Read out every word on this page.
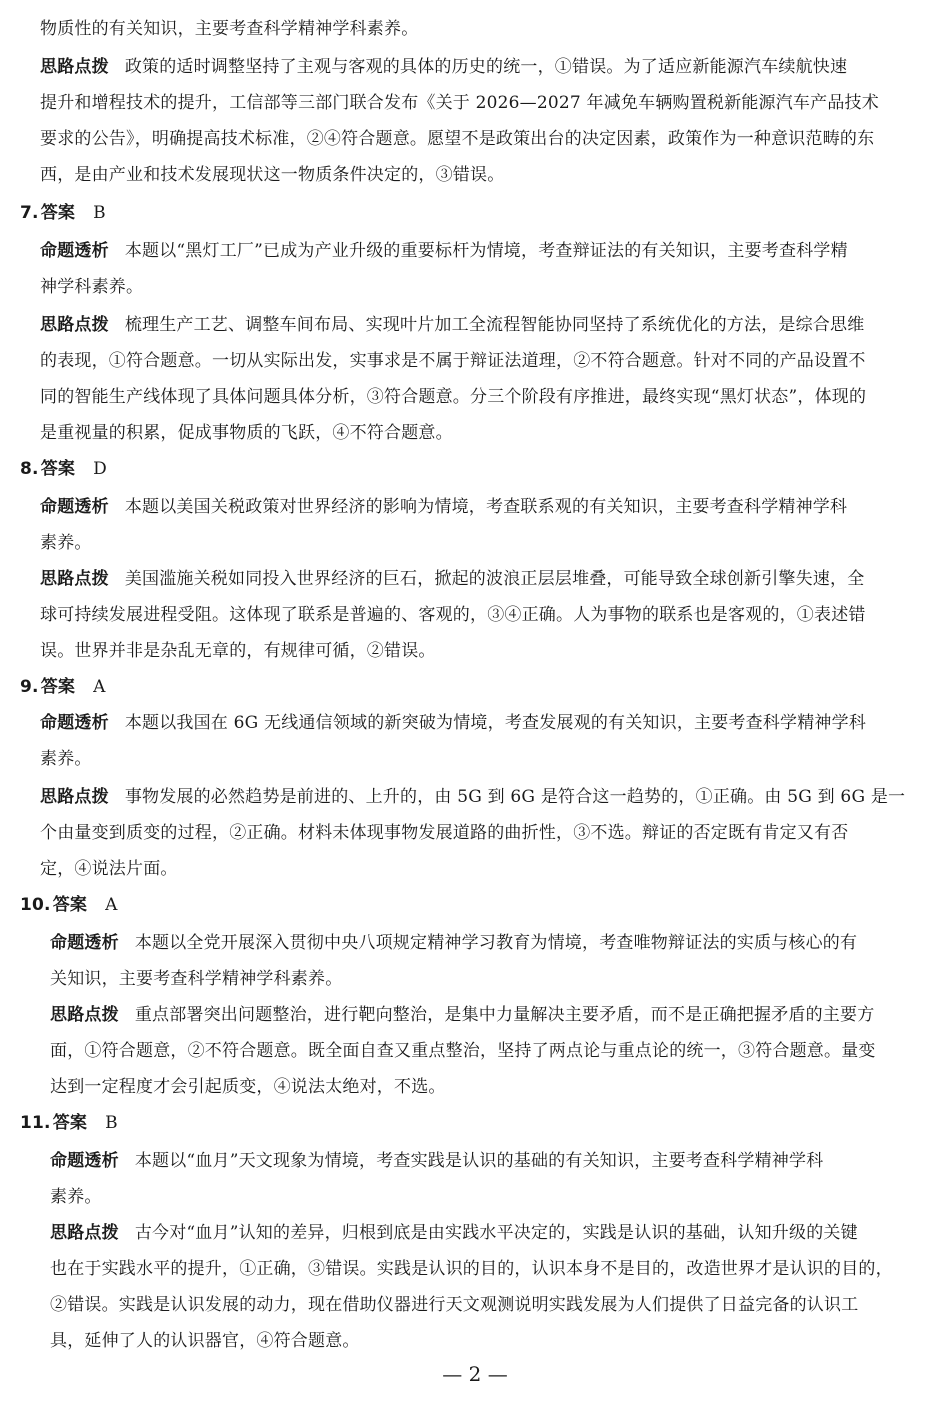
物质性的有关知识，主要考查科学精神学科素养。
思路点拨 政策的适时调整坚持了主观与客观的具体的历史的统一，①错误。为了适应新能源汽车续航快速
提升和增程技术的提升，工信部等三部门联合发布《关于 2026—2027 年减免车辆购置税新能源汽车产品技术
要求的公告》，明确提高技术标准，②④符合题意。愿望不是政策出台的决定因素，政策作为一种意识范畴的东
西，是由产业和技术发展现状这一物质条件决定的，③错误。
7. 答案 B
命题透析 本题以“黑灯工厂”已成为产业升级的重要标杆为情境，考查辩证法的有关知识，主要考查科学精
神学科素养。
思路点拨 梳理生产工艺、调整车间布局、实现叶片加工全流程智能协同坚持了系统优化的方法，是综合思维
的表现，①符合题意。一切从实际出发，实事求是不属于辩证法道理，②不符合题意。针对不同的产品设置不
同的智能生产线体现了具体问题具体分析，③符合题意。分三个阶段有序推进，最终实现“黑灯状态”，体现的
是重视量的积累，促成事物质的飞跃，④不符合题意。
8. 答案 D
命题透析 本题以美国关税政策对世界经济的影响为情境，考查联系观的有关知识，主要考查科学精神学科
素养。
思路点拨 美国滥施关税如同投入世界经济的巨石，掀起的波浪正层层堆叠，可能导致全球创新引擎失速，全
球可持续发展进程受阻。这体现了联系是普遍的、客观的，③④正确。人为事物的联系也是客观的，①表述错
误。世界并非是杂乱无章的，有规律可循，②错误。
9. 答案 A
命题透析 本题以我国在 6G 无线通信领域的新突破为情境，考查发展观的有关知识，主要考查科学精神学科
素养。
思路点拨 事物发展的必然趋势是前进的、上升的，由 5G 到 6G 是符合这一趋势的，①正确。由 5G 到 6G 是一
个由量变到质变的过程，②正确。材料未体现事物发展道路的曲折性，③不选。辩证的否定既有肯定又有否
定，④说法片面。
10. 答案 A
命题透析 本题以全党开展深入贯彻中央八项规定精神学习教育为情境，考查唯物辩证法的实质与核心的有
关知识，主要考查科学精神学科素养。
思路点拨 重点部署突出问题整治，进行靶向整治，是集中力量解决主要矛盾，而不是正确把握矛盾的主要方
面，①符合题意，②不符合题意。既全面自查又重点整治，坚持了两点论与重点论的统一，③符合题意。量变
达到一定程度才会引起质变，④说法太绝对，不选。
11. 答案 B
命题透析 本题以“血月”天文现象为情境，考查实践是认识的基础的有关知识，主要考查科学精神学科
素养。
思路点拨 古今对“血月”认知的差异，归根到底是由实践水平决定的，实践是认识的基础，认知升级的关键
也在于实践水平的提升，①正确，③错误。实践是认识的目的，认识本身不是目的，改造世界才是认识的目的，
②错误。实践是认识发展的动力，现在借助仪器进行天文观测说明实践发展为人们提供了日益完备的认识工
具，延伸了人的认识器官，④符合题意。
— 2 —
